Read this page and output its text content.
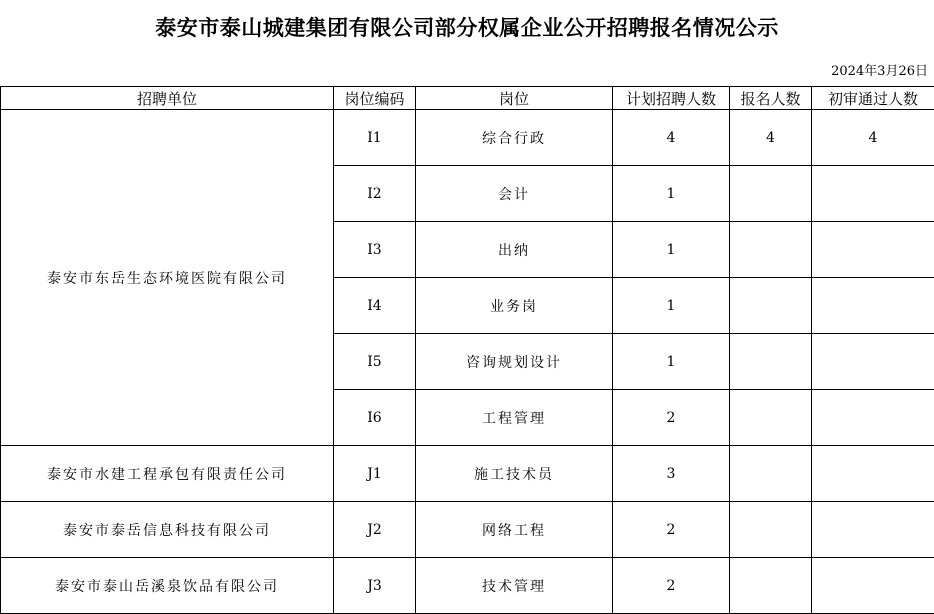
泰安市泰山城建集团有限公司部分权属企业公开招聘报名情况公示
2024年3月26日
招聘单位	岗位编码	岗位	计划招聘人数	报名人数	初审通过人数
泰安市东岳生态环境医院有限公司	I1	综合行政	4	4	4
	I2	会计	1		
	I3	出纳	1		
	I4	业务岗	1		
	I5	咨询规划设计	1		
	I6	工程管理	2		
泰安市水建工程承包有限责任公司	J1	施工技术员	3		
泰安市泰岳信息科技有限公司	J2	网络工程	2		
泰安市泰山岳溪泉饮品有限公司	J3	技术管理	2		
